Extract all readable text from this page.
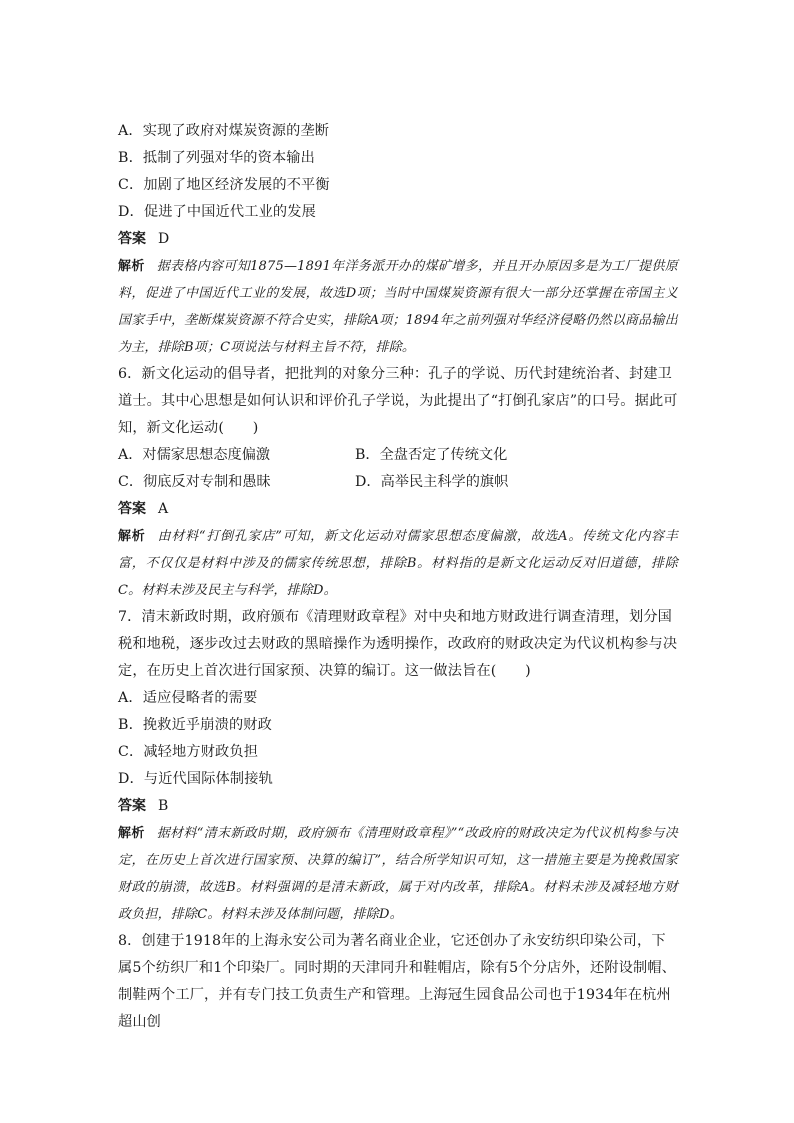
A．实现了政府对煤炭资源的垄断
B．抵制了列强对华的资本输出
C．加剧了地区经济发展的不平衡
D．促进了中国近代工业的发展
答案 D
解析 据表格内容可知1875—1891年洋务派开办的煤矿增多，并且开办原因多是为工厂提供原料，促进了中国近代工业的发展，故选D项；当时中国煤炭资源有很大一部分还掌握在帝国主义国家手中，垄断煤炭资源不符合史实，排除A项；1894年之前列强对华经济侵略仍然以商品输出为主，排除B项；C项说法与材料主旨不符，排除。
6．新文化运动的倡导者，把批判的对象分三种：孔子的学说、历代封建统治者、封建卫道士。其中心思想是如何认识和评价孔子学说，为此提出了“打倒孔家店”的口号。据此可知，新文化运动(　　)
A．对儒家思想态度偏激	B．全盘否定了传统文化
C．彻底反对专制和愚昧	D．高举民主科学的旗帜
答案 A
解析 由材料“打倒孔家店”可知，新文化运动对儒家思想态度偏激，故选A。传统文化内容丰富，不仅仅是材料中涉及的儒家传统思想，排除B。材料指的是新文化运动反对旧道德，排除C。材料未涉及民主与科学，排除D。
7．清末新政时期，政府颁布《清理财政章程》对中央和地方财政进行调查清理，划分国税和地税，逐步改过去财政的黑暗操作为透明操作，改政府的财政决定为代议机构参与决定，在历史上首次进行国家预、决算的编订。这一做法旨在(　　)
A．适应侵略者的需要
B．挽救近乎崩溃的财政
C．减轻地方财政负担
D．与近代国际体制接轨
答案 B
解析 据材料“清末新政时期，政府颁布《清理财政章程》”“改政府的财政决定为代议机构参与决定，在历史上首次进行国家预、决算的编订”，结合所学知识可知，这一措施主要是为挽救国家财政的崩溃，故选B。材料强调的是清末新政，属于对内改革，排除A。材料未涉及减轻地方财政负担，排除C。材料未涉及体制问题，排除D。
8．创建于1918年的上海永安公司为著名商业企业，它还创办了永安纺织印染公司，下属5个纺织厂和1个印染厂。同时期的天津同升和鞋帽店，除有5个分店外，还附设制帽、制鞋两个工厂，并有专门技工负责生产和管理。上海冠生园食品公司也于1934年在杭州超山创
